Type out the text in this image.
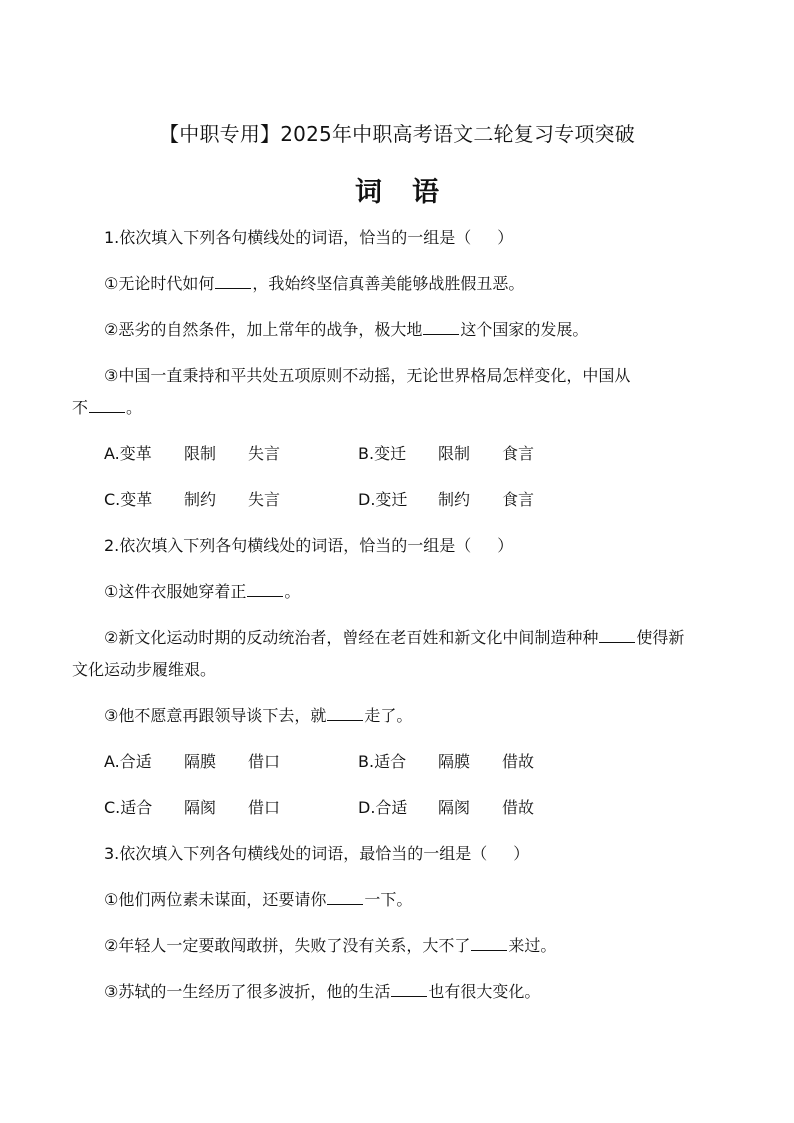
【中职专用】2025年中职高考语文二轮复习专项突破
词语
1.依次填入下列各句横线处的词语，恰当的一组是（ ）
①无论时代如何 ，我始终坚信真善美能够战胜假丑恶。
②恶劣的自然条件，加上常年的战争，极大地 这个国家的发展。
③中国一直秉持和平共处五项原则不动摇，无论世界格局怎样变化，中国从
不 。
A.变革 限制 失言	B.变迁 限制 食言
C.变革 制约 失言	D.变迁 制约 食言
2.依次填入下列各句横线处的词语，恰当的一组是（ ）
①这件衣服她穿着正 。
②新文化运动时期的反动统治者，曾经在老百姓和新文化中间制造种种 使得新
文化运动步履维艰。
③他不愿意再跟领导谈下去，就 走了。
A.合适 隔膜 借口	B.适合 隔膜 借故
C.适合 隔阂 借口	D.合适 隔阂 借故
3.依次填入下列各句横线处的词语，最恰当的一组是（ ）
①他们两位素未谋面，还要请你 一下。
②年轻人一定要敢闯敢拼，失败了没有关系，大不了 来过。
③苏轼的一生经历了很多波折，他的生活 也有很大变化。
